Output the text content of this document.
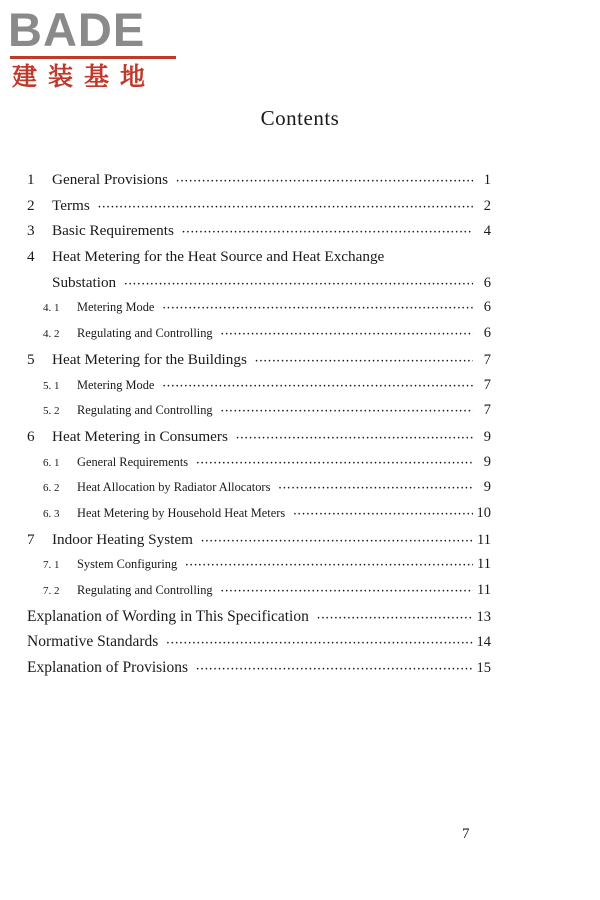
BADE
建装基地
Contents
1	General Provisions ·····	1
2	Terms ·····	2
3	Basic Requirements ·····	4
4	Heat Metering for the Heat Source and Heat Exchange
Substation ·····	6
4. 1	Metering Mode ·····	6
4. 2	Regulating and Controlling ·····	6
5	Heat Metering for the Buildings ·····	7
5. 1	Metering Mode ·····	7
5. 2	Regulating and Controlling ·····	7
6	Heat Metering in Consumers ·····	9
6. 1	General Requirements ·····	9
6. 2	Heat Allocation by Radiator Allocators ·····	9
6. 3	Heat Metering by Household Heat Meters ·····	10
7	Indoor Heating System ·····	11
7. 1	System Configuring ·····	11
7. 2	Regulating and Controlling ·····	11
Explanation of Wording in This Specification ·····	13
Normative Standards ·····	14
Explanation of Provisions ·····	15
7
